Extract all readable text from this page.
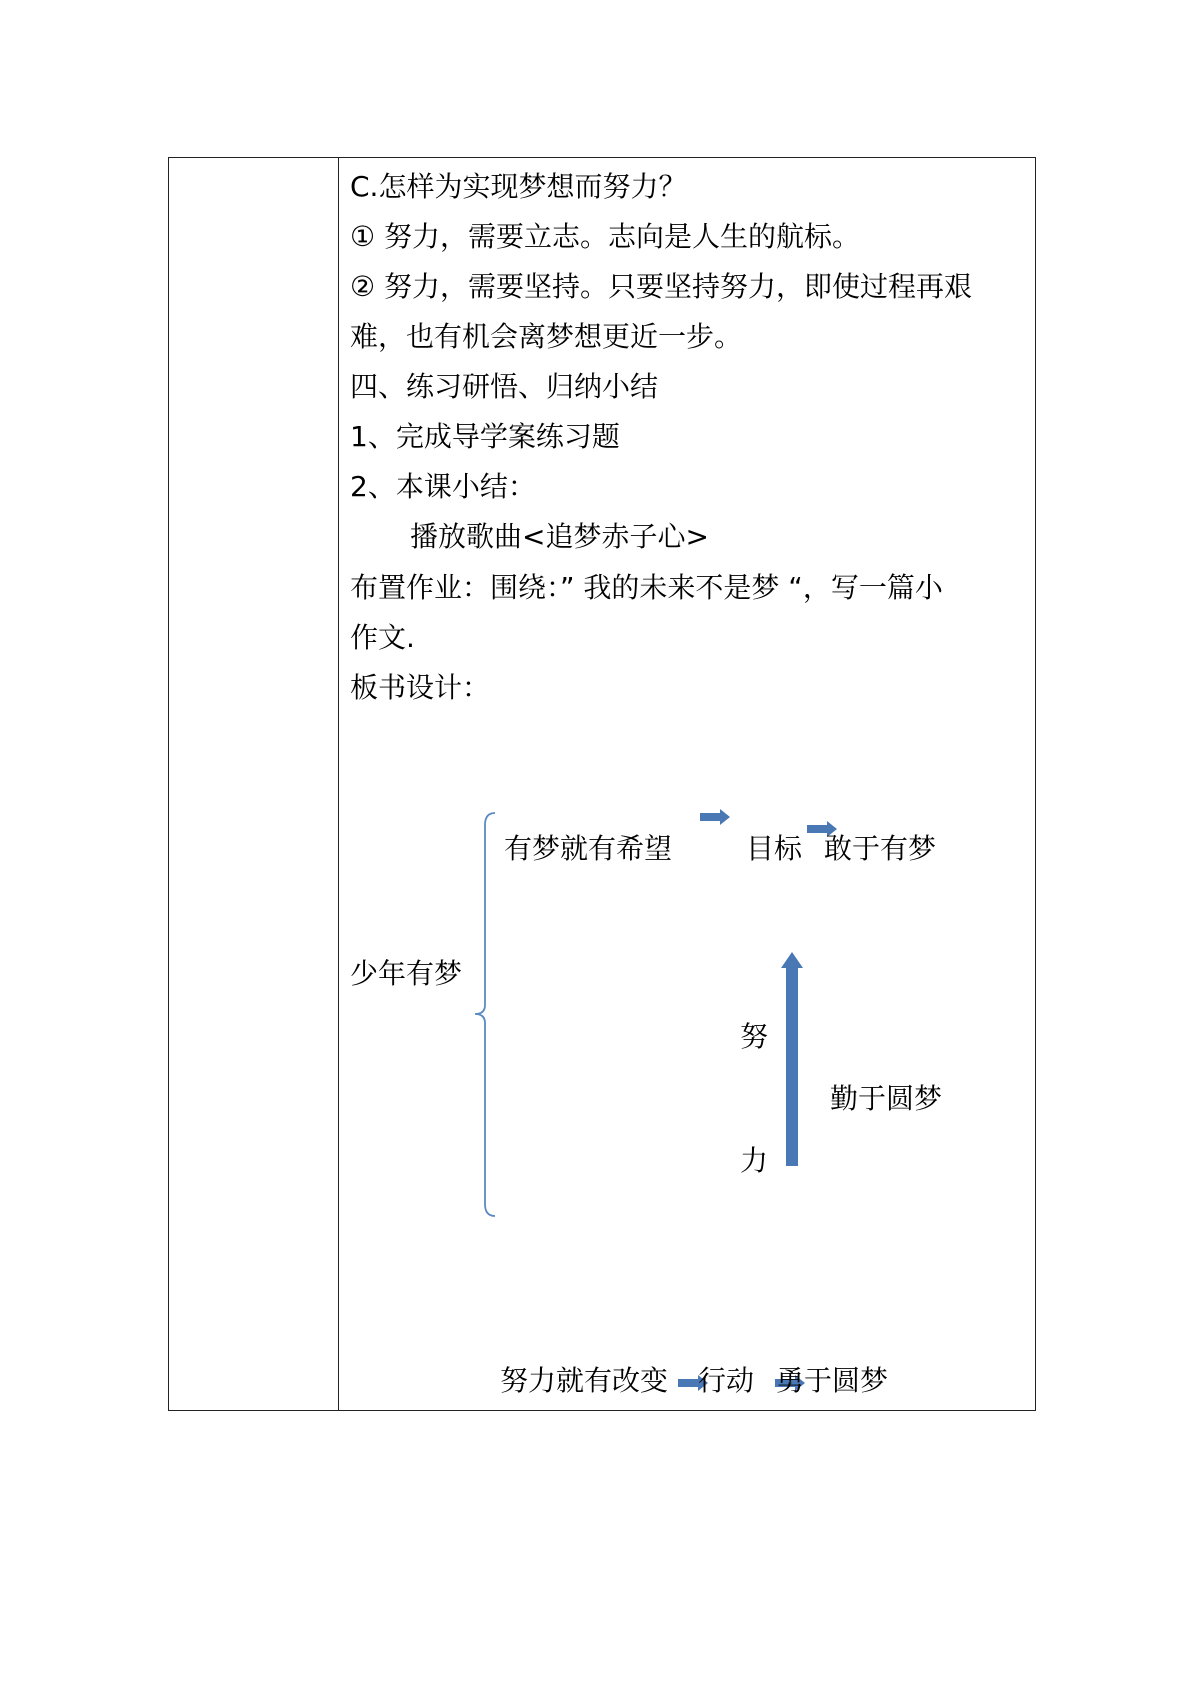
C.怎样为实现梦想而努力？
① 努力，需要立志。志向是人生的航标。
② 努力，需要坚持。只要坚持努力，即使过程再艰
难，也有机会离梦想更近一步。
四、练习研悟、归纳小结
1、完成导学案练习题
2、本课小结：
播放歌曲<追梦赤子心>
布置作业：围绕：” 我的未来不是梦 “，写一篇小
作文.
板书设计：
少年有梦
有梦就有希望	目标 敢于有梦
努
力
勤于圆梦
努力就有改变 行动 勇于圆梦
